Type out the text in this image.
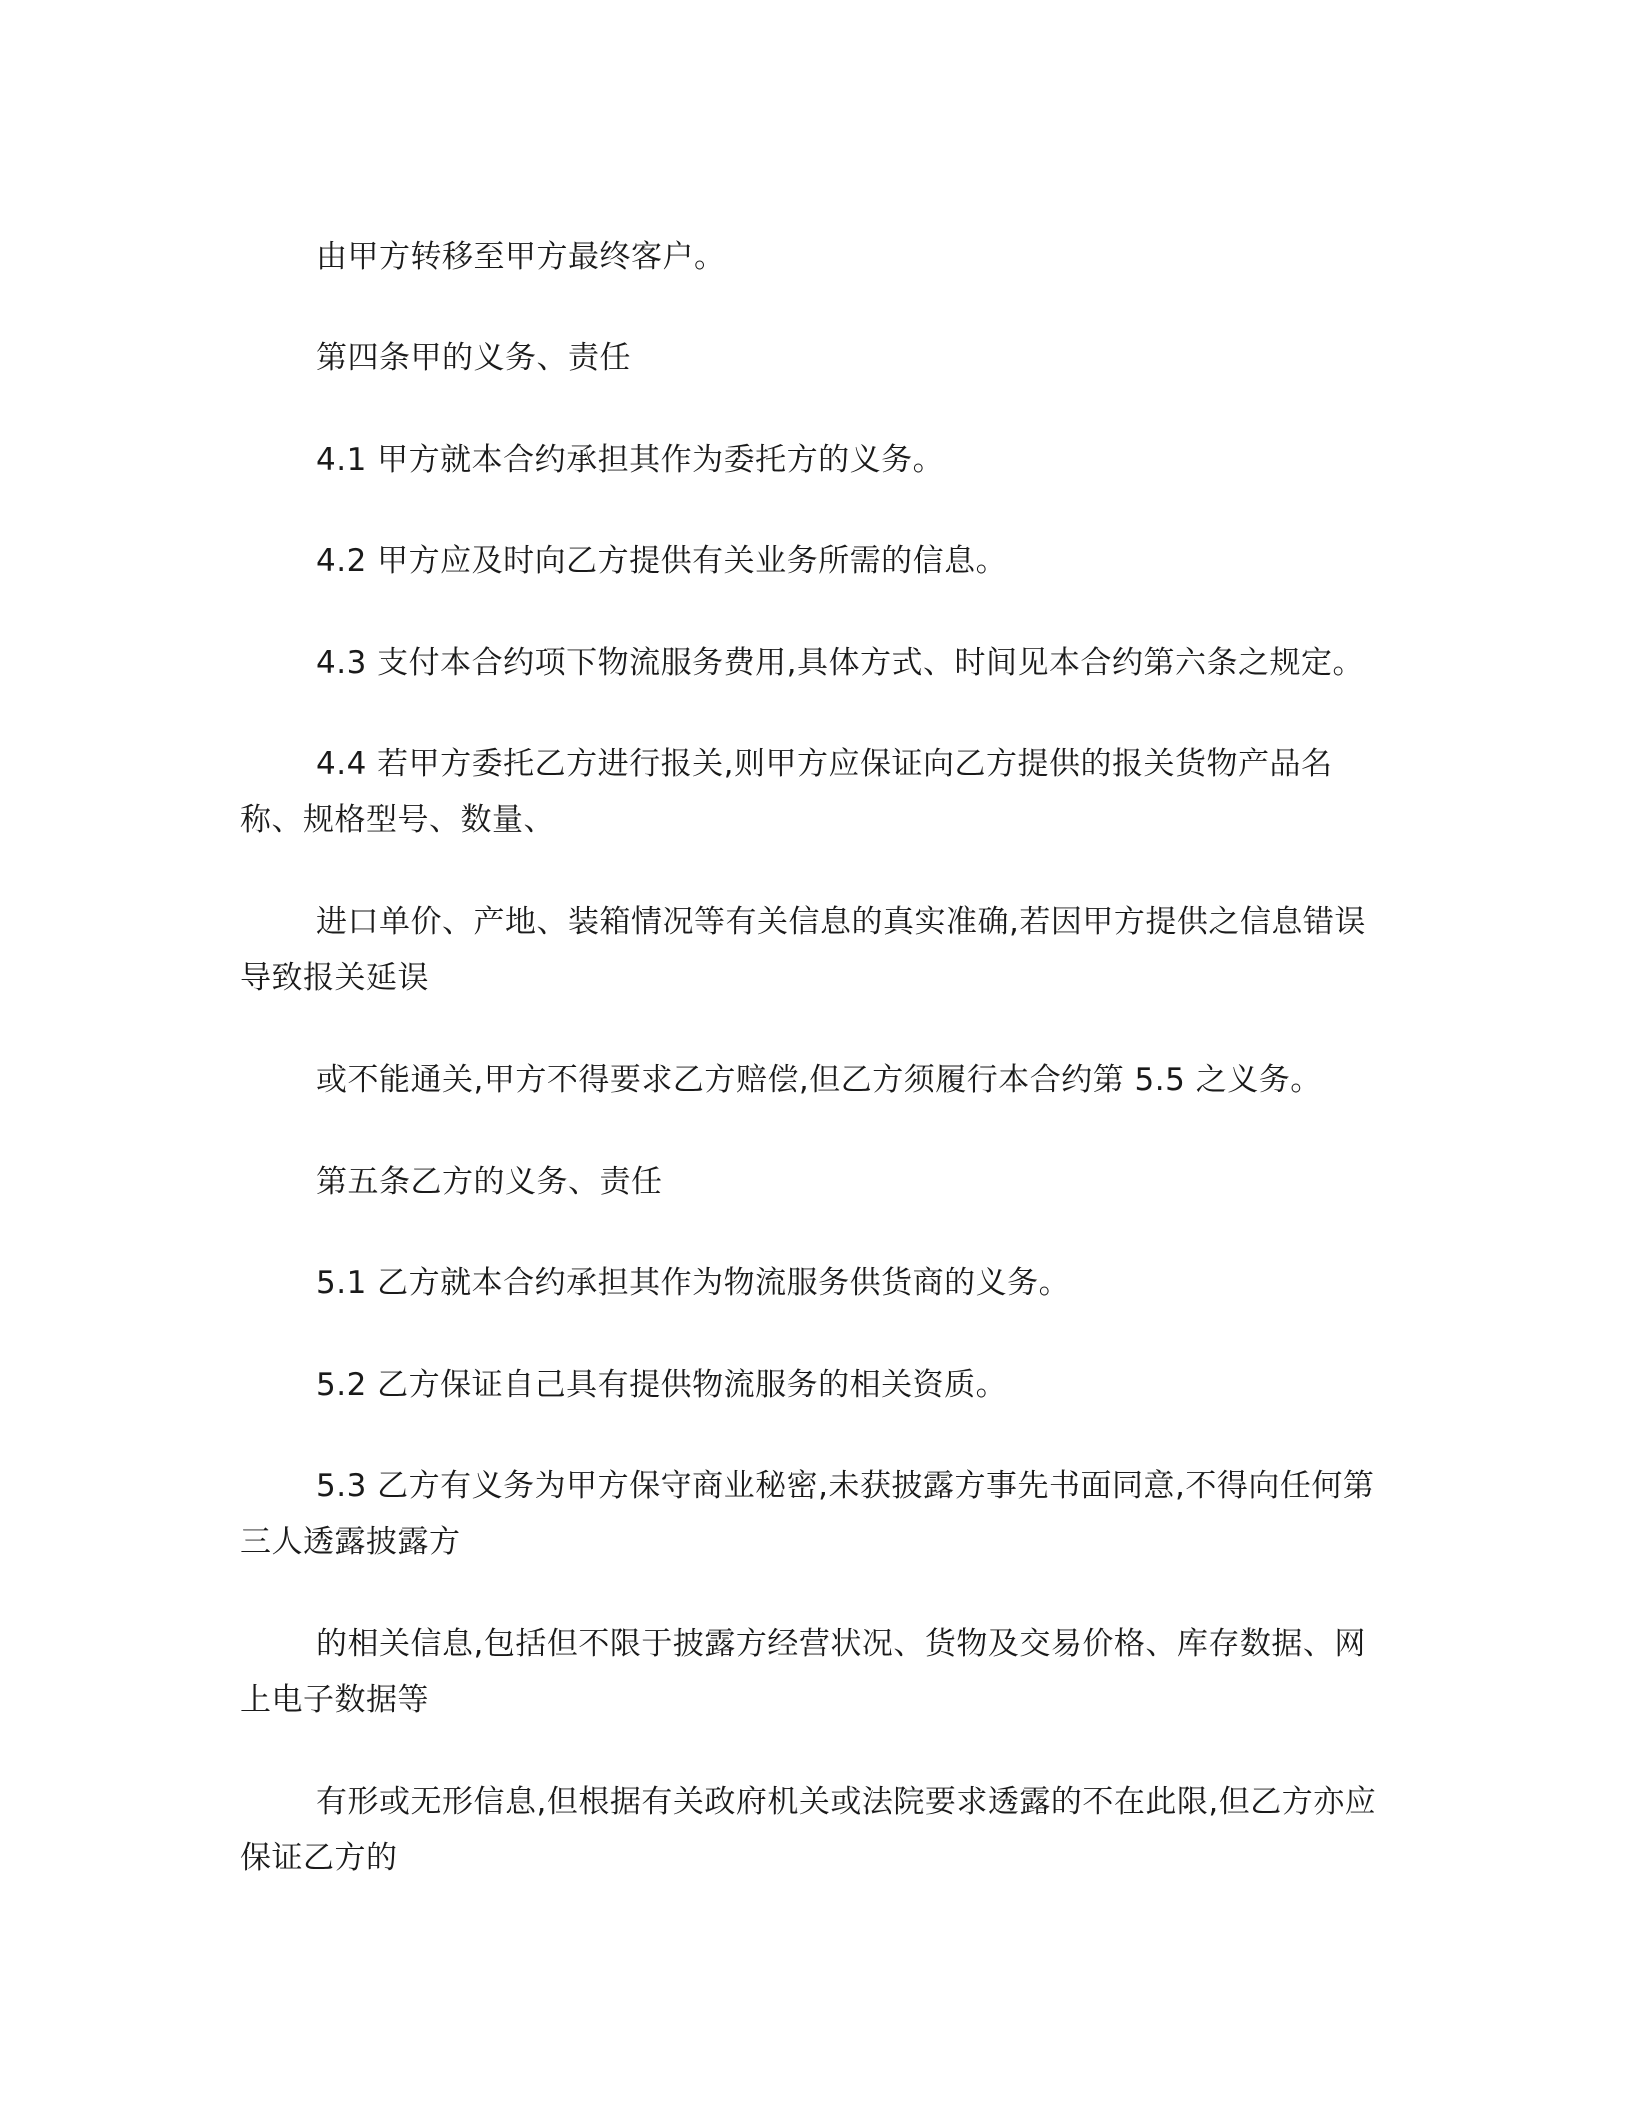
由甲方转移至甲方最终客户。
第四条甲的义务、责任
4.1 甲方就本合约承担其作为委托方的义务。
4.2 甲方应及时向乙方提供有关业务所需的信息。
4.3 支付本合约项下物流服务费用,具体方式、时间见本合约第六条之规定。
4.4 若甲方委托乙方进行报关,则甲方应保证向乙方提供的报关货物产品名
称、规格型号、数量、
进口单价、产地、装箱情况等有关信息的真实准确,若因甲方提供之信息错误
导致报关延误
或不能通关,甲方不得要求乙方赔偿,但乙方须履行本合约第 5.5 之义务。
第五条乙方的义务、责任
5.1 乙方就本合约承担其作为物流服务供货商的义务。
5.2 乙方保证自己具有提供物流服务的相关资质。
5.3 乙方有义务为甲方保守商业秘密,未获披露方事先书面同意,不得向任何第
三人透露披露方
的相关信息,包括但不限于披露方经营状况、货物及交易价格、库存数据、网
上电子数据等
有形或无形信息,但根据有关政府机关或法院要求透露的不在此限,但乙方亦应
保证乙方的
